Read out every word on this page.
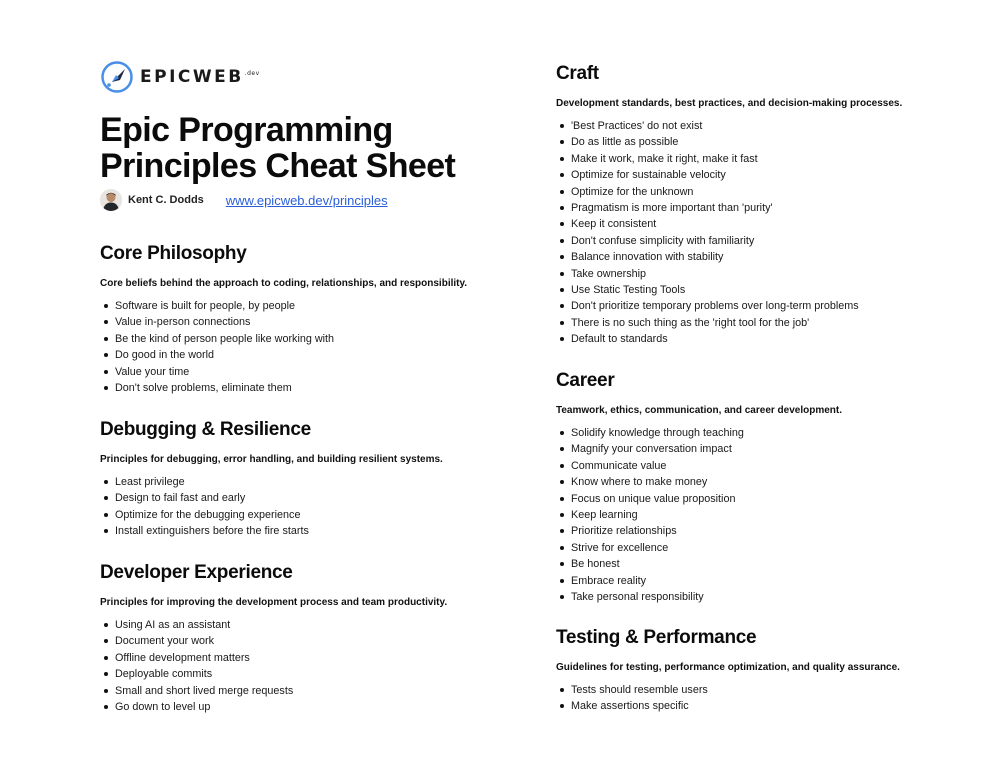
$EPICWEB^{.dev}$
Epic Programming
Principles Cheat Sheet
Kent C. Dodds www.epicweb.dev/principles
Core Philosophy

Core beliefs behind the approach to coding, relationships, and responsibility.

Software is built for people, by people
Value in-person connections
Be the kind of person people like working with
Do good in the world
Value your time
Don't solve problems, eliminate them
Debugging & Resilience

Principles for debugging, error handling, and building resilient systems.

Least privilege
Design to fail fast and early
Optimize for the debugging experience
Install extinguishers before the fire starts
Developer Experience

Principles for improving the development process and team productivity.

Using AI as an assistant
Document your work
Offline development matters
Deployable commits
Small and short lived merge requests
Go down to level up
Craft

Development standards, best practices, and decision-making processes.

'Best Practices' do not exist
Do as little as possible
Make it work, make it right, make it fast
Optimize for sustainable velocity
Optimize for the unknown
Pragmatism is more important than 'purity'
Keep it consistent
Don't confuse simplicity with familiarity
Balance innovation with stability
Take ownership
Use Static Testing Tools
Don't prioritize temporary problems over long-term problems
There is no such thing as the 'right tool for the job'
Default to standards
Career

Teamwork, ethics, communication, and career development.

Solidify knowledge through teaching
Magnify your conversation impact
Communicate value
Know where to make money
Focus on unique value proposition
Keep learning
Prioritize relationships
Strive for excellence
Be honest
Embrace reality
Take personal responsibility
Testing & Performance

Guidelines for testing, performance optimization, and quality assurance.

Tests should resemble users
Make assertions specific
